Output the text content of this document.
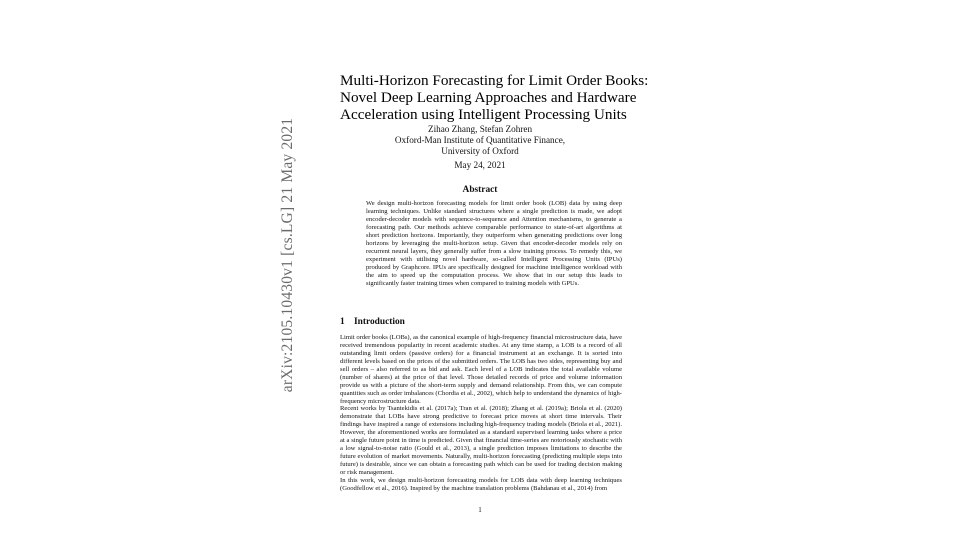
arXiv:2105.10430v1 [cs.LG] 21 May 2021
Multi-Horizon Forecasting for Limit Order Books:
Novel Deep Learning Approaches and Hardware
Acceleration using Intelligent Processing Units
Zihao Zhang, Stefan Zohren
Oxford-Man Institute of Quantitative Finance,
University of Oxford
May 24, 2021
Abstract
We design multi-horizon forecasting models for limit order book (LOB) data by using deep learning techniques. Unlike standard structures where a single prediction is made, we adopt encoder-decoder models with sequence-to-sequence and Attention mechanisms, to generate a forecasting path. Our methods achieve comparable performance to state-of-art algorithms at short prediction horizons. Importantly, they outperform when generating predictions over long horizons by leveraging the multi-horizon setup. Given that encoder-decoder models rely on recurrent neural layers, they generally suffer from a slow training process. To remedy this, we experiment with utilising novel hardware, so-called Intelligent Processing Units (IPUs) produced by Graphcore. IPUs are specifically designed for machine intelligence workload with the aim to speed up the computation process. We show that in our setup this leads to significantly faster training times when compared to training models with GPUs.
1 Introduction
Limit order books (LOBs), as the canonical example of high-frequency financial microstructure data, have received tremendous popularity in recent academic studies. At any time stamp, a LOB is a record of all outstanding limit orders (passive orders) for a financial instrument at an exchange. It is sorted into different levels based on the prices of the submitted orders. The LOB has two sides, representing buy and sell orders – also referred to as bid and ask. Each level of a LOB indicates the total available volume (number of shares) at the price of that level. Those detailed records of price and volume information provide us with a picture of the short-term supply and demand relationship. From this, we can compute quantities such as order imbalances (Chordia et al., 2002), which help to understand the dynamics of high-frequency microstructure data.
Recent works by Tsantekidis et al. (2017a); Tran et al. (2018); Zhang et al. (2019a); Briola et al. (2020) demonstrate that LOBs have strong predictive to forecast price moves at short time intervals. Their findings have inspired a range of extensions including high-frequency trading models (Briola et al., 2021). However, the aforementioned works are formulated as a standard supervised learning tasks where a price at a single future point in time is predicted. Given that financial time-series are notoriously stochastic with a low signal-to-noise ratio (Gould et al., 2013), a single prediction imposes limitations to describe the future evolution of market movements. Naturally, multi-horizon forecasting (predicting multiple steps into future) is desirable, since we can obtain a forecasting path which can be used for trading decision making or risk management.
In this work, we design multi-horizon forecasting models for LOB data with deep learning techniques (Goodfellow et al., 2016). Inspired by the machine translation problems (Bahdanau et al., 2014) from
1
